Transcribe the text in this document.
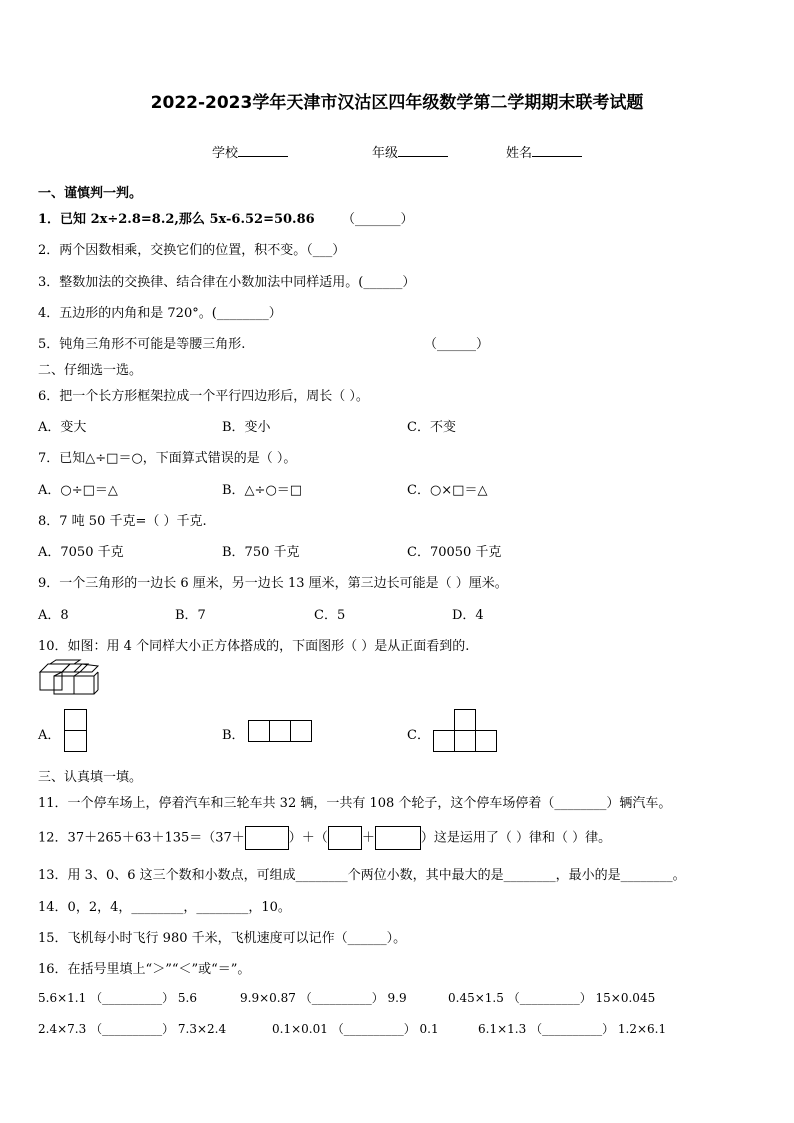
2022-2023学年天津市汉沽区四年级数学第二学期期末联考试题
学校	年级	姓名
一、谨慎判一判。
1．已知 2x÷2.8=8.2,那么 5x-6.52=50.86 （_______）
2．两个因数相乘，交换它们的位置，积不变。（___）
3．整数加法的交换律、结合律在小数加法中同样适用。(______）
4．五边形的内角和是 720°。(________）
5．钝角三角形不可能是等腰三角形.	（______）
二、仔细选一选。
6．把一个长方形框架拉成一个平行四边形后，周长（ ）。
A．变大	B．变小	C．不变
7．已知△÷□＝○，下面算式错误的是（ ）。
A．○÷□＝△	B．△÷○＝□	C．○×□＝△
8．7 吨 50 千克=（ ）千克.
A．7050 千克	B．750 千克	C．70050 千克
9．一个三角形的一边长 6 厘米，另一边长 13 厘米，第三边长可能是（ ）厘米。
A．8	B．7	C．5	D．4
10．如图：用 4 个同样大小正方体搭成的，下面图形（ ）是从正面看到的.
A．	B．	C．
三、认真填一填。
11．一个停车场上，停着汽车和三轮车共 32 辆，一共有 108 个轮子，这个停车场停着（________）辆汽车。
12．37＋265＋63＋135＝（37＋	）＋（	＋	）这是运用了（ ）律和（ ）律。
13．用 3、0、6 这三个数和小数点，可组成________个两位小数，其中最大的是________，最小的是________。
14．0，2，4，________，________，10。
15．飞机每小时飞行 980 千米，飞机速度可以记作（______）。
16．在括号里填上“＞”“＜”或“＝”。
5.6×1.1 （__________） 5.6	9.9×0.87 （__________） 9.9	0.45×1.5 （__________） 15×0.045
2.4×7.3 （__________） 7.3×2.4	0.1×0.01 （__________） 0.1	6.1×1.3 （__________） 1.2×6.1
